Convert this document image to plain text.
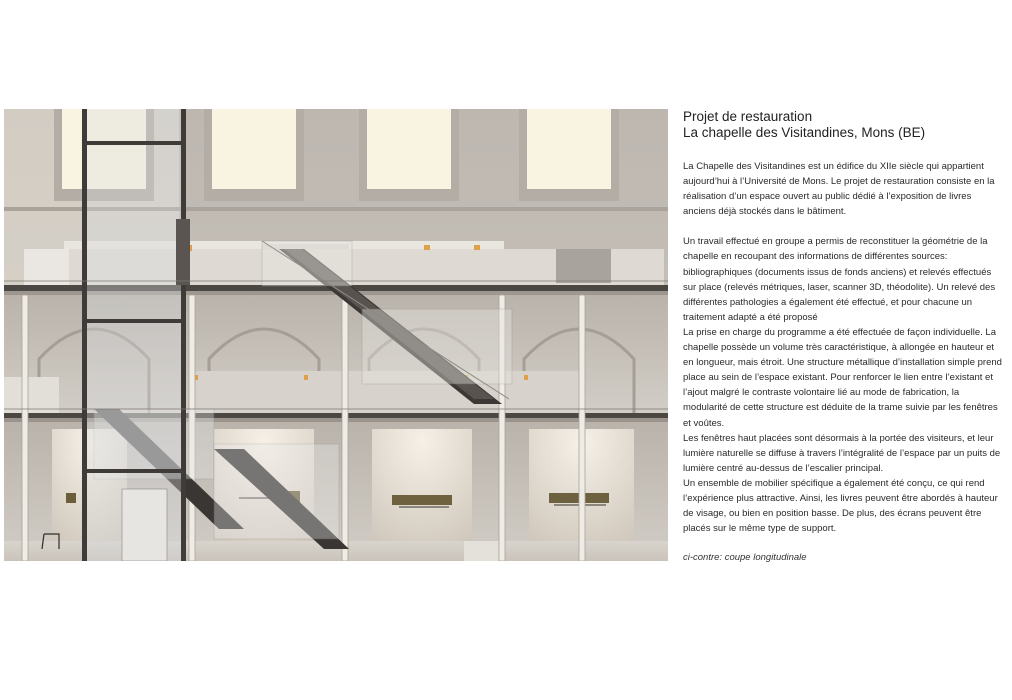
Projet de restauration
La chapelle des Visitandines, Mons (BE)

La Chapelle des Visitandines est un édifice du XIIe siècle qui appartient aujourd’hui à l’Université de Mons. Le projet de restauration consiste en la réalisation d’un espace ouvert au public dédié à l’exposition de livres anciens déjà stockés dans le bâtiment.

Un travail effectué en groupe a permis de reconstituer la géométrie de la chapelle en recoupant des informations de différentes sources: bibliographiques (documents issus de fonds anciens) et relevés effectués sur place (relevés métriques, laser, scanner 3D, théodolite). Un relevé des différentes pathologies a également été effectué, et pour chacune un traitement adapté a été proposé

La prise en charge du programme a été effectuée de façon individuelle. La chapelle possède un volume très caractéristique, à allongée en hauteur et en longueur, mais étroit. Une structure métallique d’installation simple prend place au sein de l’espace existant. Pour renforcer le lien entre l’existant et l’ajout malgré le contraste volontaire lié au mode de fabrication, la modularité de cette structure est déduite de la trame suivie par les fenêtres et voûtes.

Les fenêtres haut placées sont désormais à la portée des visiteurs, et leur lumière naturelle se diffuse à travers l’intégralité de l’espace par un puits de lumière centré au-dessus de l’escalier principal.

Un ensemble de mobilier spécifique a également été conçu, ce qui rend l’expérience plus attractive. Ainsi, les livres peuvent être abordés à hauteur de visage, ou bien en position basse. De plus, des écrans peuvent être placés sur le même type de support.

ci-contre: coupe longitudinale
